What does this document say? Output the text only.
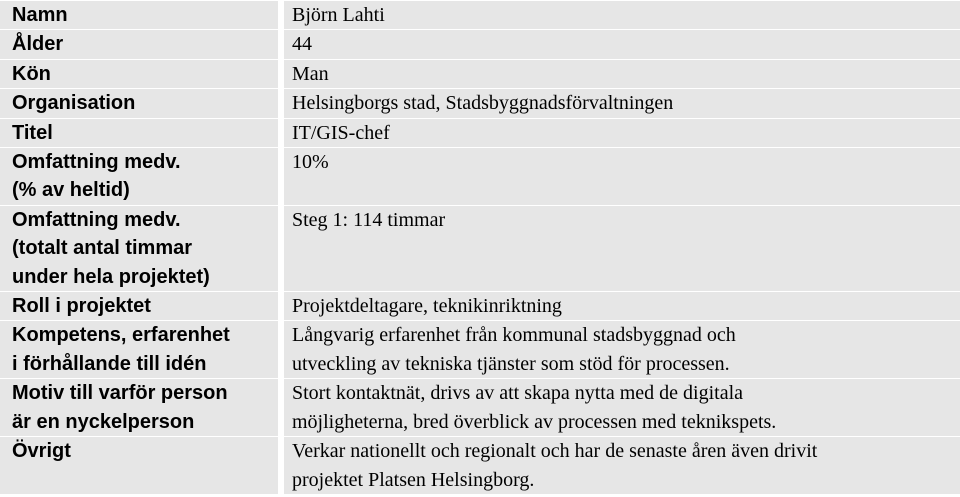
Namn		Björn Lahti

Ålder		44

Kön		Man

Organisation		Helsingborgs stad, Stadsbyggnadsförvaltningen

Titel		IT/GIS-chef

Omfattning medv.
(% av heltid)		10%

Omfattning medv.
(totalt antal timmar
under hela projektet)		Steg 1: 114 timmar

Roll i projektet		Projektdeltagare, teknikinriktning

Kompetens, erfarenhet
i förhållande till idén		Långvarig erfarenhet från kommunal stadsbyggnad och
utveckling av tekniska tjänster som stöd för processen.

Motiv till varför person
är en nyckelperson		Stort kontaktnät, drivs av att skapa nytta med de digitala
möjligheterna, bred överblick av processen med teknikspets.

Övrigt		Verkar nationellt och regionalt och har de senaste åren även drivit
projektet Platsen Helsingborg.
